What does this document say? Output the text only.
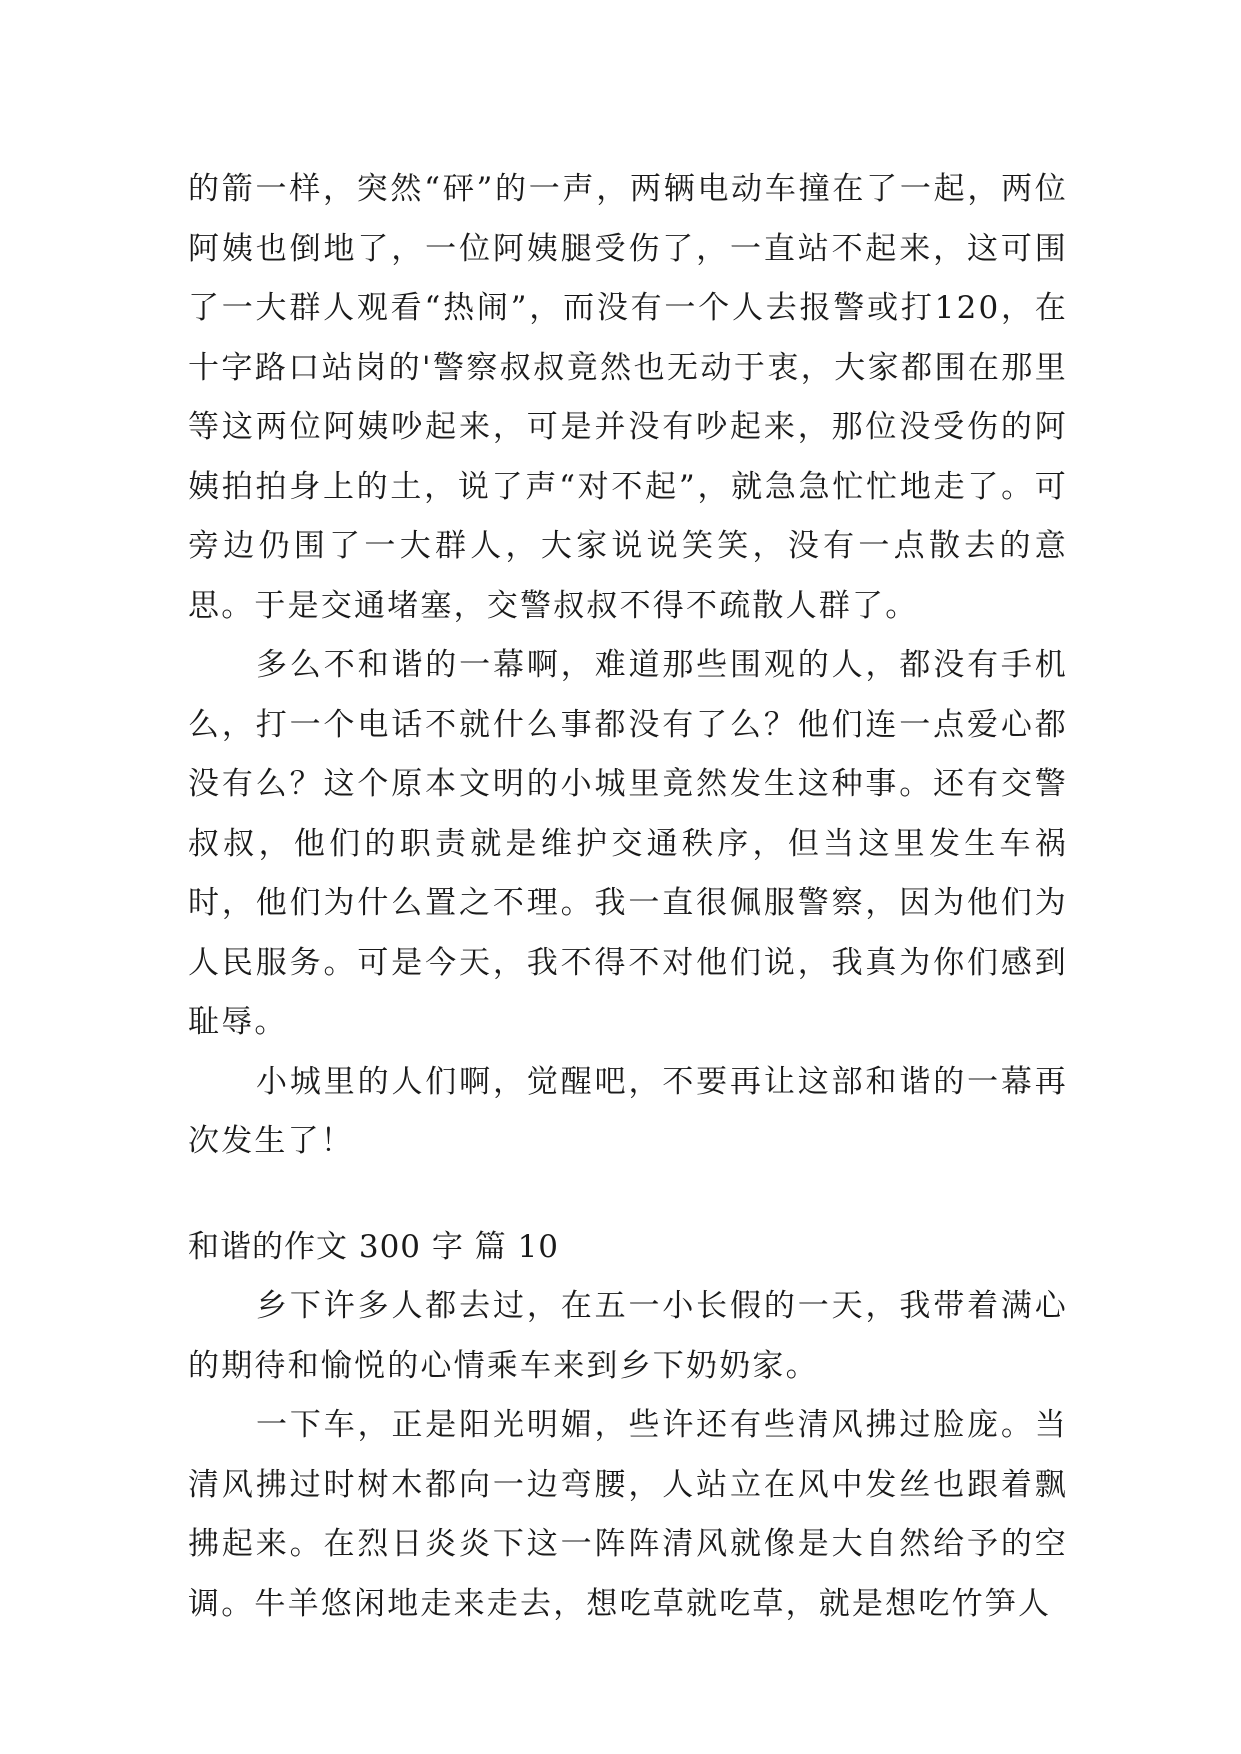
的箭一样，突然“砰”的一声，两辆电动车撞在了一起，两位阿姨也倒地了，一位阿姨腿受伤了，一直站不起来，这可围了一大群人观看“热闹”，而没有一个人去报警或打120，在十字路口站岗的'警察叔叔竟然也无动于衷，大家都围在那里等这两位阿姨吵起来，可是并没有吵起来，那位没受伤的阿姨拍拍身上的土，说了声“对不起”，就急急忙忙地走了。可旁边仍围了一大群人，大家说说笑笑，没有一点散去的意思。于是交通堵塞，交警叔叔不得不疏散人群了。

多么不和谐的一幕啊，难道那些围观的人，都没有手机么，打一个电话不就什么事都没有了么？他们连一点爱心都没有么？这个原本文明的小城里竟然发生这种事。还有交警叔叔，他们的职责就是维护交通秩序，但当这里发生车祸时，他们为什么置之不理。我一直很佩服警察，因为他们为人民服务。可是今天，我不得不对他们说，我真为你们感到耻辱。

小城里的人们啊，觉醒吧，不要再让这部和谐的一幕再次发生了！

和谐的作文 300 字 篇 10

乡下许多人都去过，在五一小长假的一天，我带着满心的期待和愉悦的心情乘车来到乡下奶奶家。

一下车，正是阳光明媚，些许还有些清风拂过脸庞。当清风拂过时树木都向一边弯腰，人站立在风中发丝也跟着飘拂起来。在烈日炎炎下这一阵阵清风就像是大自然给予的空调。牛羊悠闲地走来走去，想吃草就吃草，就是想吃竹笋人
